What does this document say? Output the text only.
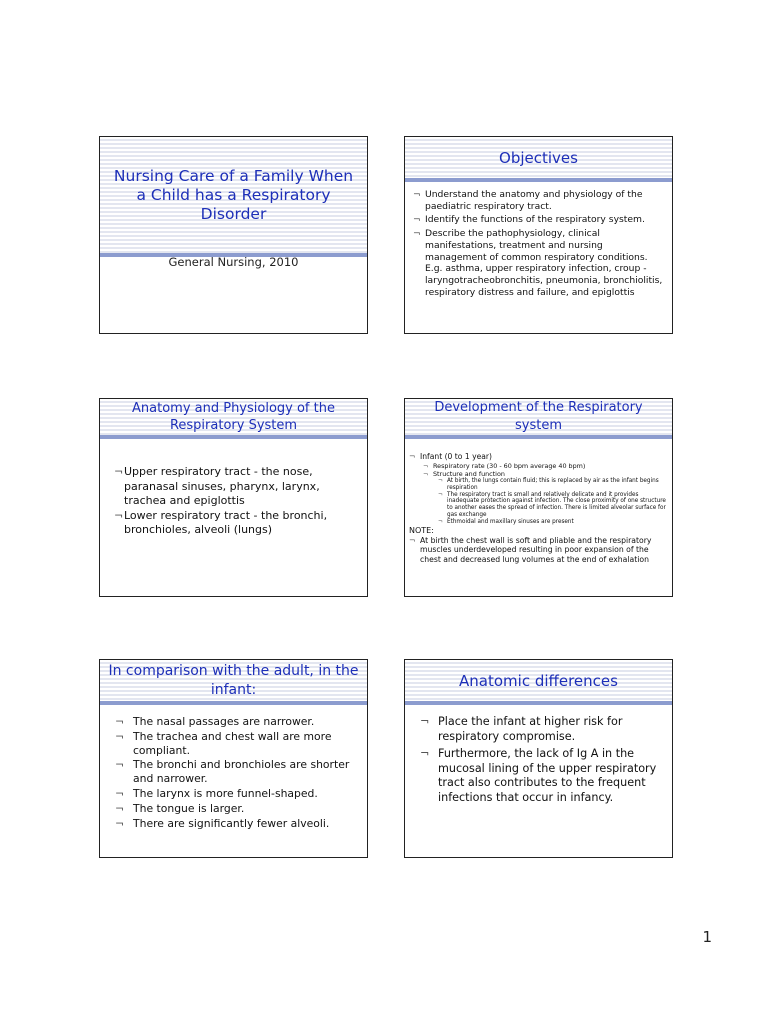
Nursing Care of a Family When a Child has a Respiratory Disorder
General Nursing, 2010
Objectives
¬ Understand the anatomy and physiology of the paediatric respiratory tract.
¬ Identify the functions of the respiratory system.
¬ Describe the pathophysiology, clinical manifestations, treatment and nursing management of common respiratory conditions. E.g. asthma, upper respiratory infection, croup - laryngotracheobronchitis, pneumonia, bronchiolitis, respiratory distress and failure, and epiglottis
Anatomy and Physiology of the Respiratory System
¬ Upper respiratory tract - the nose, paranasal sinuses, pharynx, larynx, trachea and epiglottis
¬ Lower respiratory tract - the bronchi, bronchioles, alveoli (lungs)
Development of the Respiratory system
¬ Infant (0 to 1 year)
¬ Respiratory rate (30 - 60 bpm average 40 bpm)
¬ Structure and function
¬ At birth, the lungs contain fluid; this is replaced by air as the infant begins respiration
¬ The respiratory tract is small and relatively delicate and it provides inadequate protection against infection. The close proximity of one structure to another eases the spread of infection. There is limited alveolar surface for gas exchange
¬ Ethmoidal and maxillary sinuses are present
NOTE:
¬ At birth the chest wall is soft and pliable and the respiratory muscles underdeveloped resulting in poor expansion of the chest and decreased lung volumes at the end of exhalation
In comparison with the adult, in the infant:
¬ The nasal passages are narrower.
¬ The trachea and chest wall are more compliant.
¬ The bronchi and bronchioles are shorter and narrower.
¬ The larynx is more funnel-shaped.
¬ The tongue is larger.
¬ There are significantly fewer alveoli.
Anatomic differences
¬ Place the infant at higher risk for respiratory compromise.
¬ Furthermore, the lack of Ig A in the mucosal lining of the upper respiratory tract also contributes to the frequent infections that occur in infancy.
1
